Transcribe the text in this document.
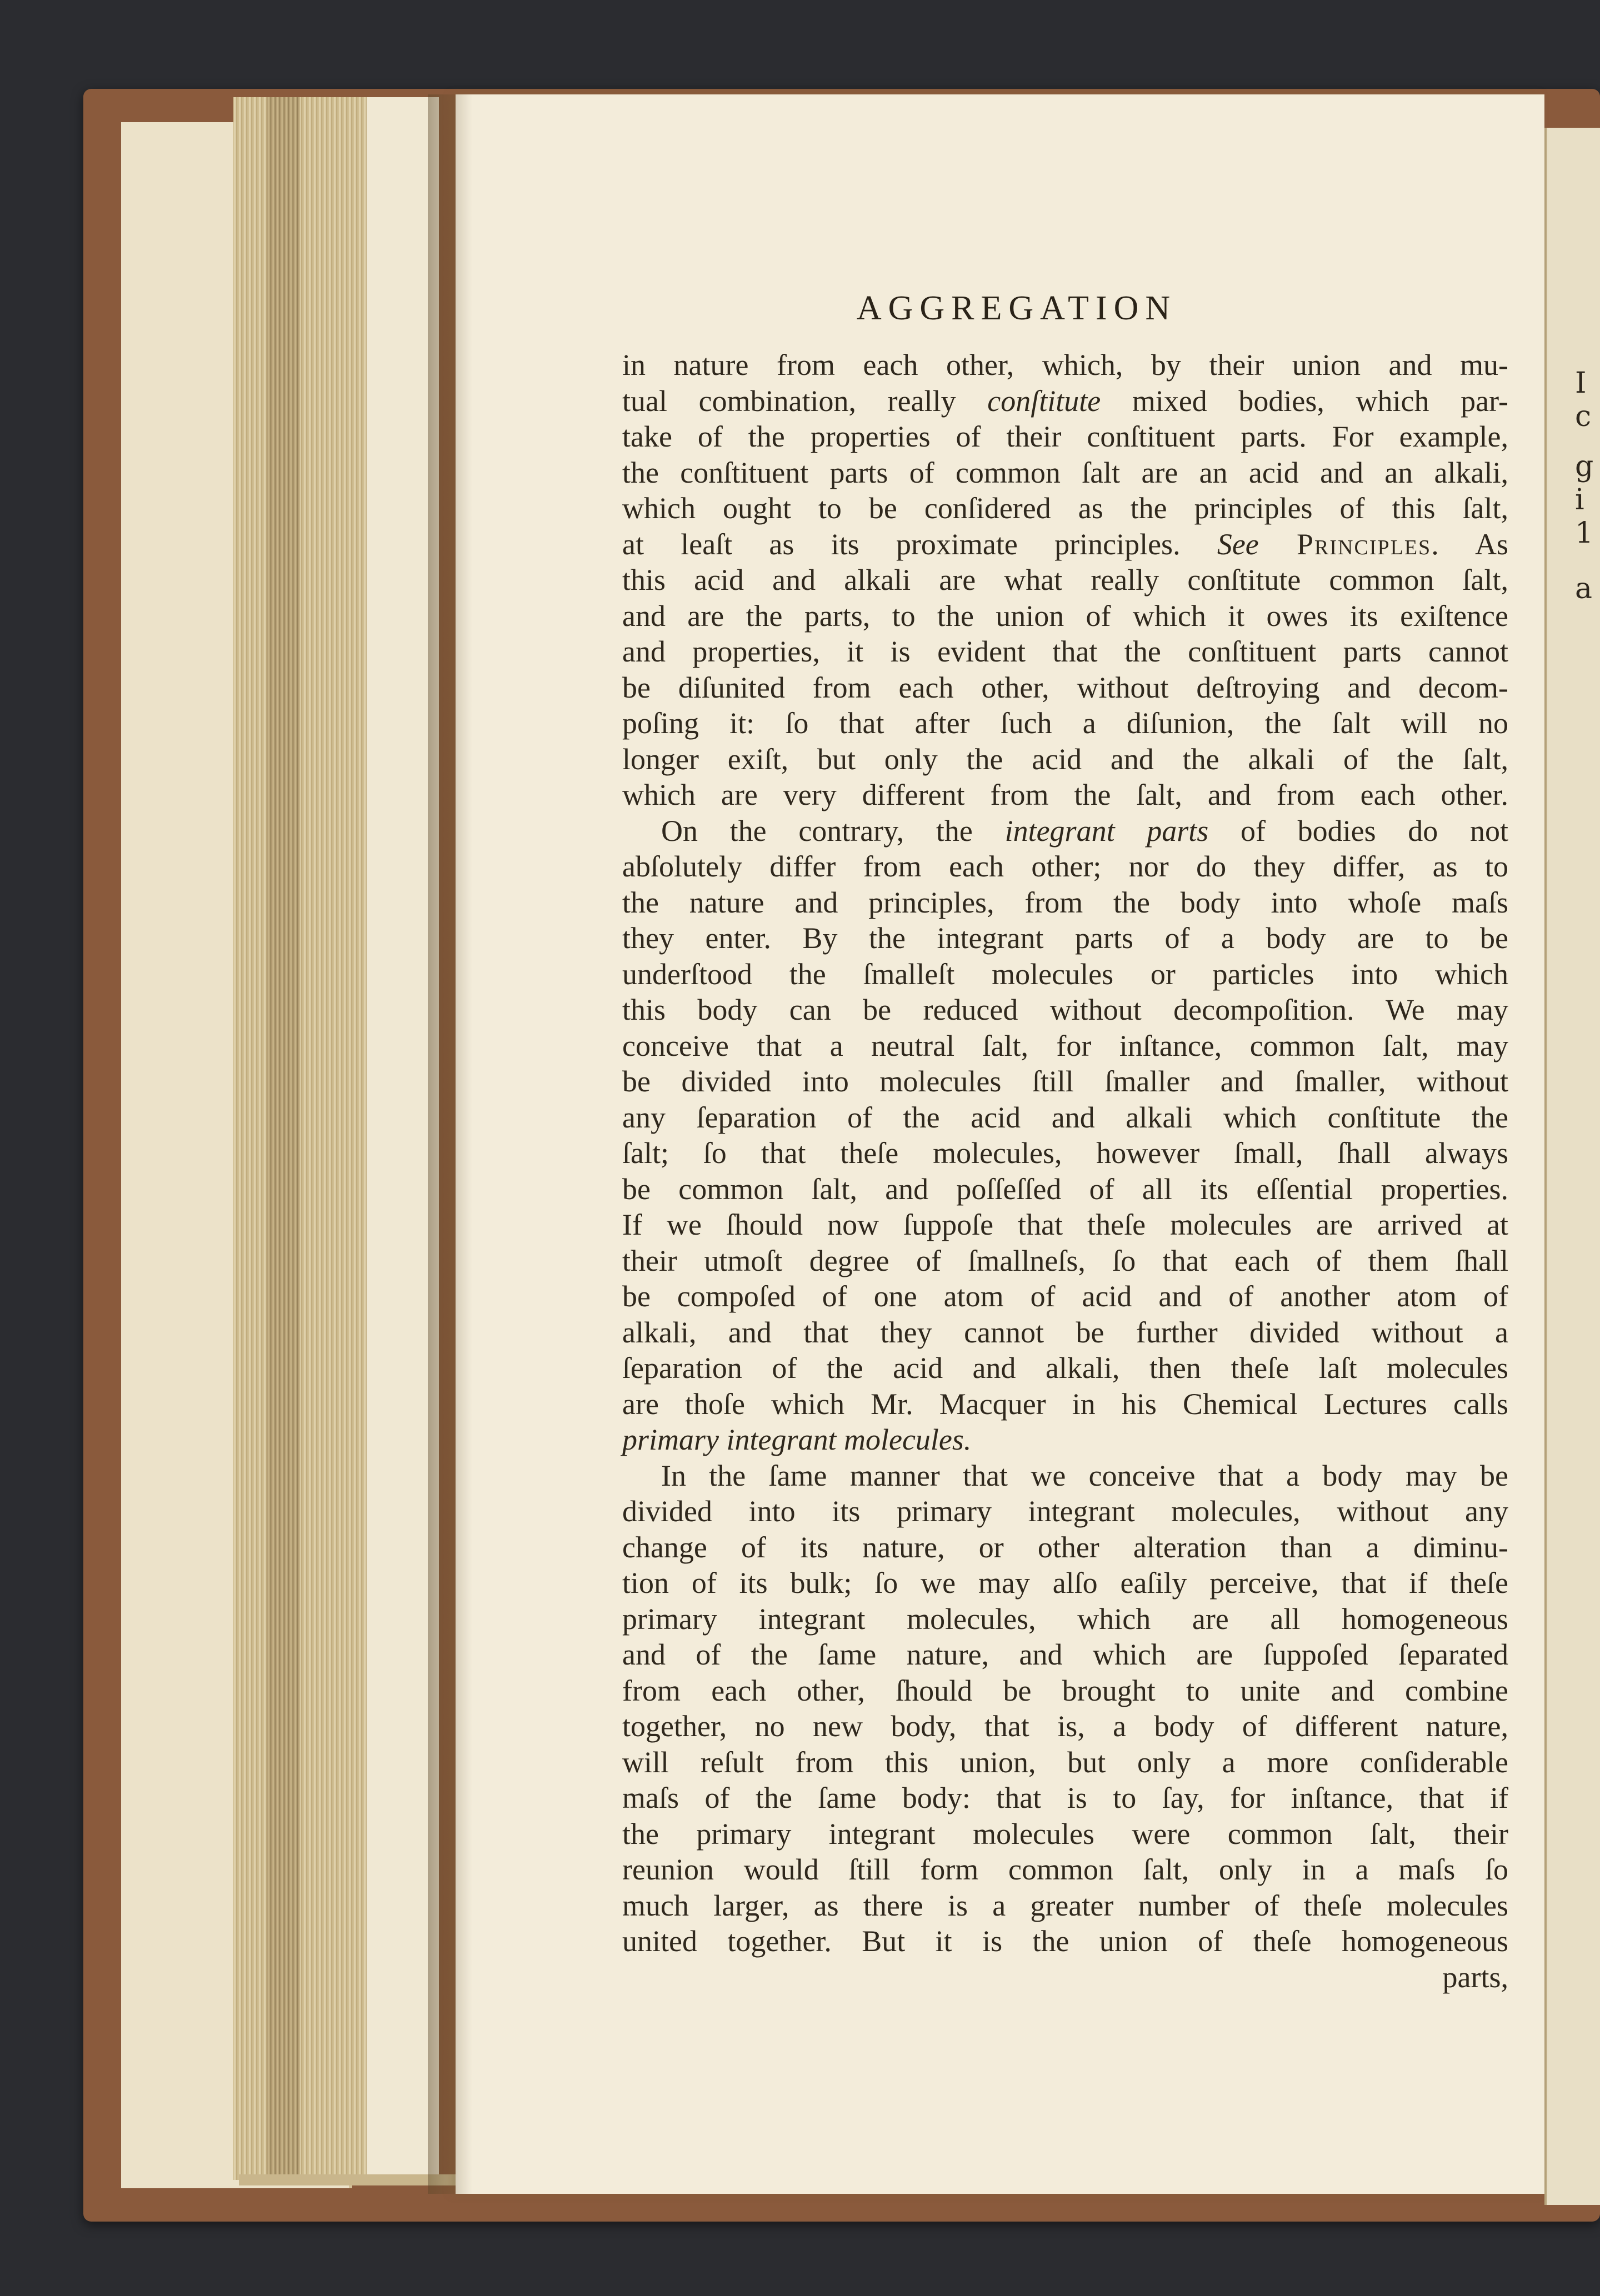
I
c
g
i
1
a
AGGREGATION
in nature from each other, which, by their union and mu-
tual combination, really conſtitute mixed bodies, which par-
take of the properties of their conſtituent parts. For example,
the conſtituent parts of common ſalt are an acid and an alkali,
which ought to be conſidered as the principles of this ſalt,
at leaſt as its proximate principles. See Principles. As
this acid and alkali are what really conſtitute common ſalt,
and are the parts, to the union of which it owes its exiſtence
and properties, it is evident that the conſtituent parts cannot
be diſunited from each other, without deſtroying and decom-
poſing it: ſo that after ſuch a diſunion, the ſalt will no
longer exiſt, but only the acid and the alkali of the ſalt,
which are very different from the ſalt, and from each other.
On the contrary, the integrant parts of bodies do not
abſolutely differ from each other; nor do they differ, as to
the nature and principles, from the body into whoſe maſs
they enter. By the integrant parts of a body are to be
underſtood the ſmalleſt molecules or particles into which
this body can be reduced without decompoſition. We may
conceive that a neutral ſalt, for inſtance, common ſalt, may
be divided into molecules ſtill ſmaller and ſmaller, without
any ſeparation of the acid and alkali which conſtitute the
ſalt; ſo that theſe molecules, however ſmall, ſhall always
be common ſalt, and poſſeſſed of all its eſſential properties.
If we ſhould now ſuppoſe that theſe molecules are arrived at
their utmoſt degree of ſmallneſs, ſo that each of them ſhall
be compoſed of one atom of acid and of another atom of
alkali, and that they cannot be further divided without a
ſeparation of the acid and alkali, then theſe laſt molecules
are thoſe which Mr. Macquer in his Chemical Lectures calls
primary integrant molecules.
In the ſame manner that we conceive that a body may be
divided into its primary integrant molecules, without any
change of its nature, or other alteration than a diminu-
tion of its bulk; ſo we may alſo eaſily perceive, that if theſe
primary integrant molecules, which are all homogeneous
and of the ſame nature, and which are ſuppoſed ſeparated
from each other, ſhould be brought to unite and combine
together, no new body, that is, a body of different nature,
will reſult from this union, but only a more conſiderable
maſs of the ſame body: that is to ſay, for inſtance, that if
the primary integrant molecules were common ſalt, their
reunion would ſtill form common ſalt, only in a maſs ſo
much larger, as there is a greater number of theſe molecules
united together. But it is the union of theſe homogeneous
parts,
